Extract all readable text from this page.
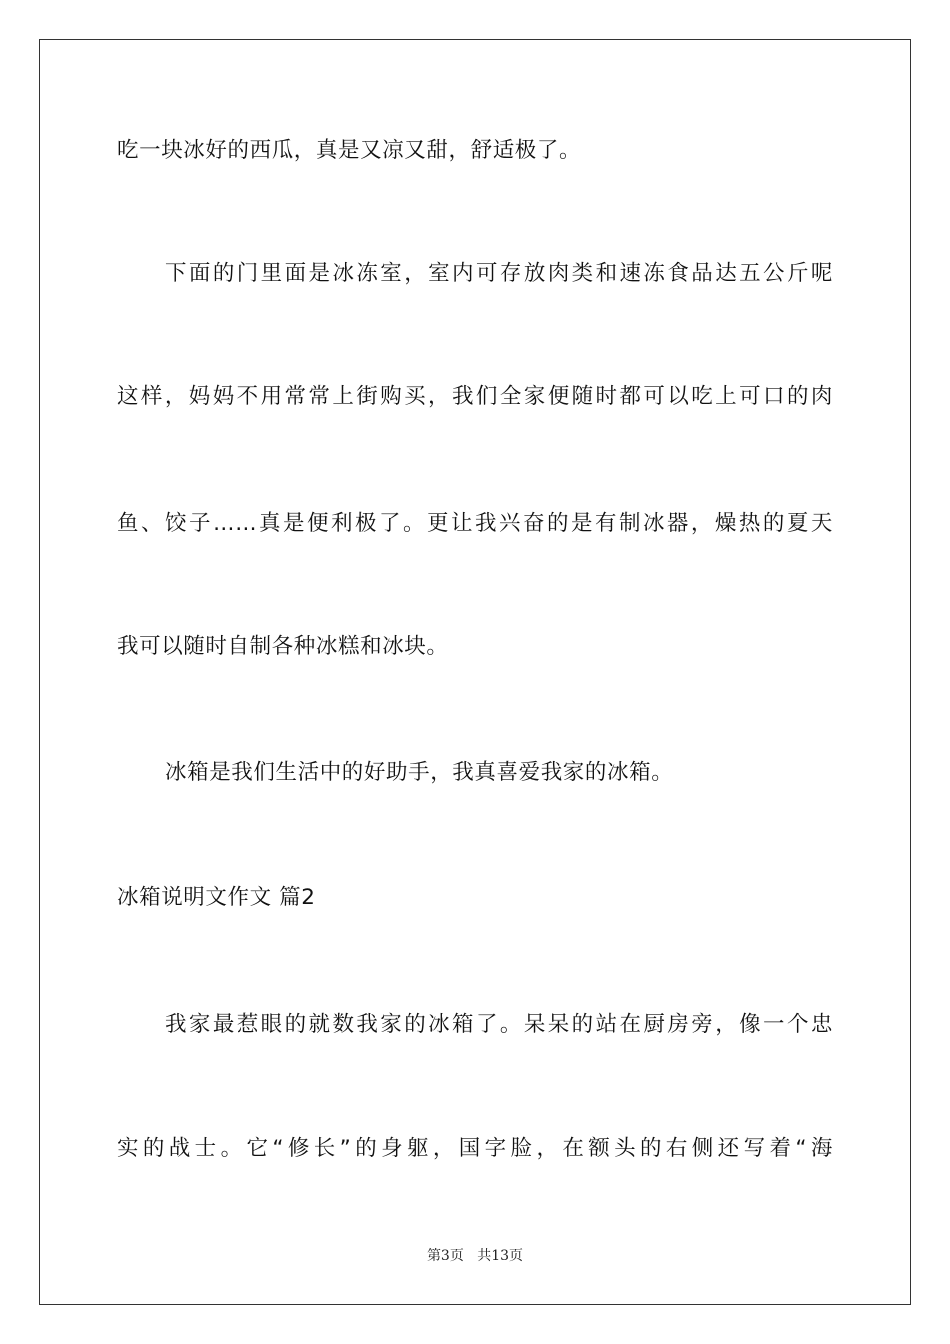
吃一块冰好的西瓜，真是又凉又甜，舒适极了。
下面的门里面是冰冻室，室内可存放肉类和速冻食品达五公斤呢
这样，妈妈不用常常上街购买，我们全家便随时都可以吃上可口的肉
鱼、饺子……真是便利极了。更让我兴奋的是有制冰器，燥热的夏天
我可以随时自制各种冰糕和冰块。
冰箱是我们生活中的好助手，我真喜爱我家的冰箱。
冰箱说明文作文 篇2
我家最惹眼的就数我家的冰箱了。呆呆的站在厨房旁，像一个忠
实的战士。它“修长”的身躯，国字脸，在额头的右侧还写着“海
第3页 共13页
